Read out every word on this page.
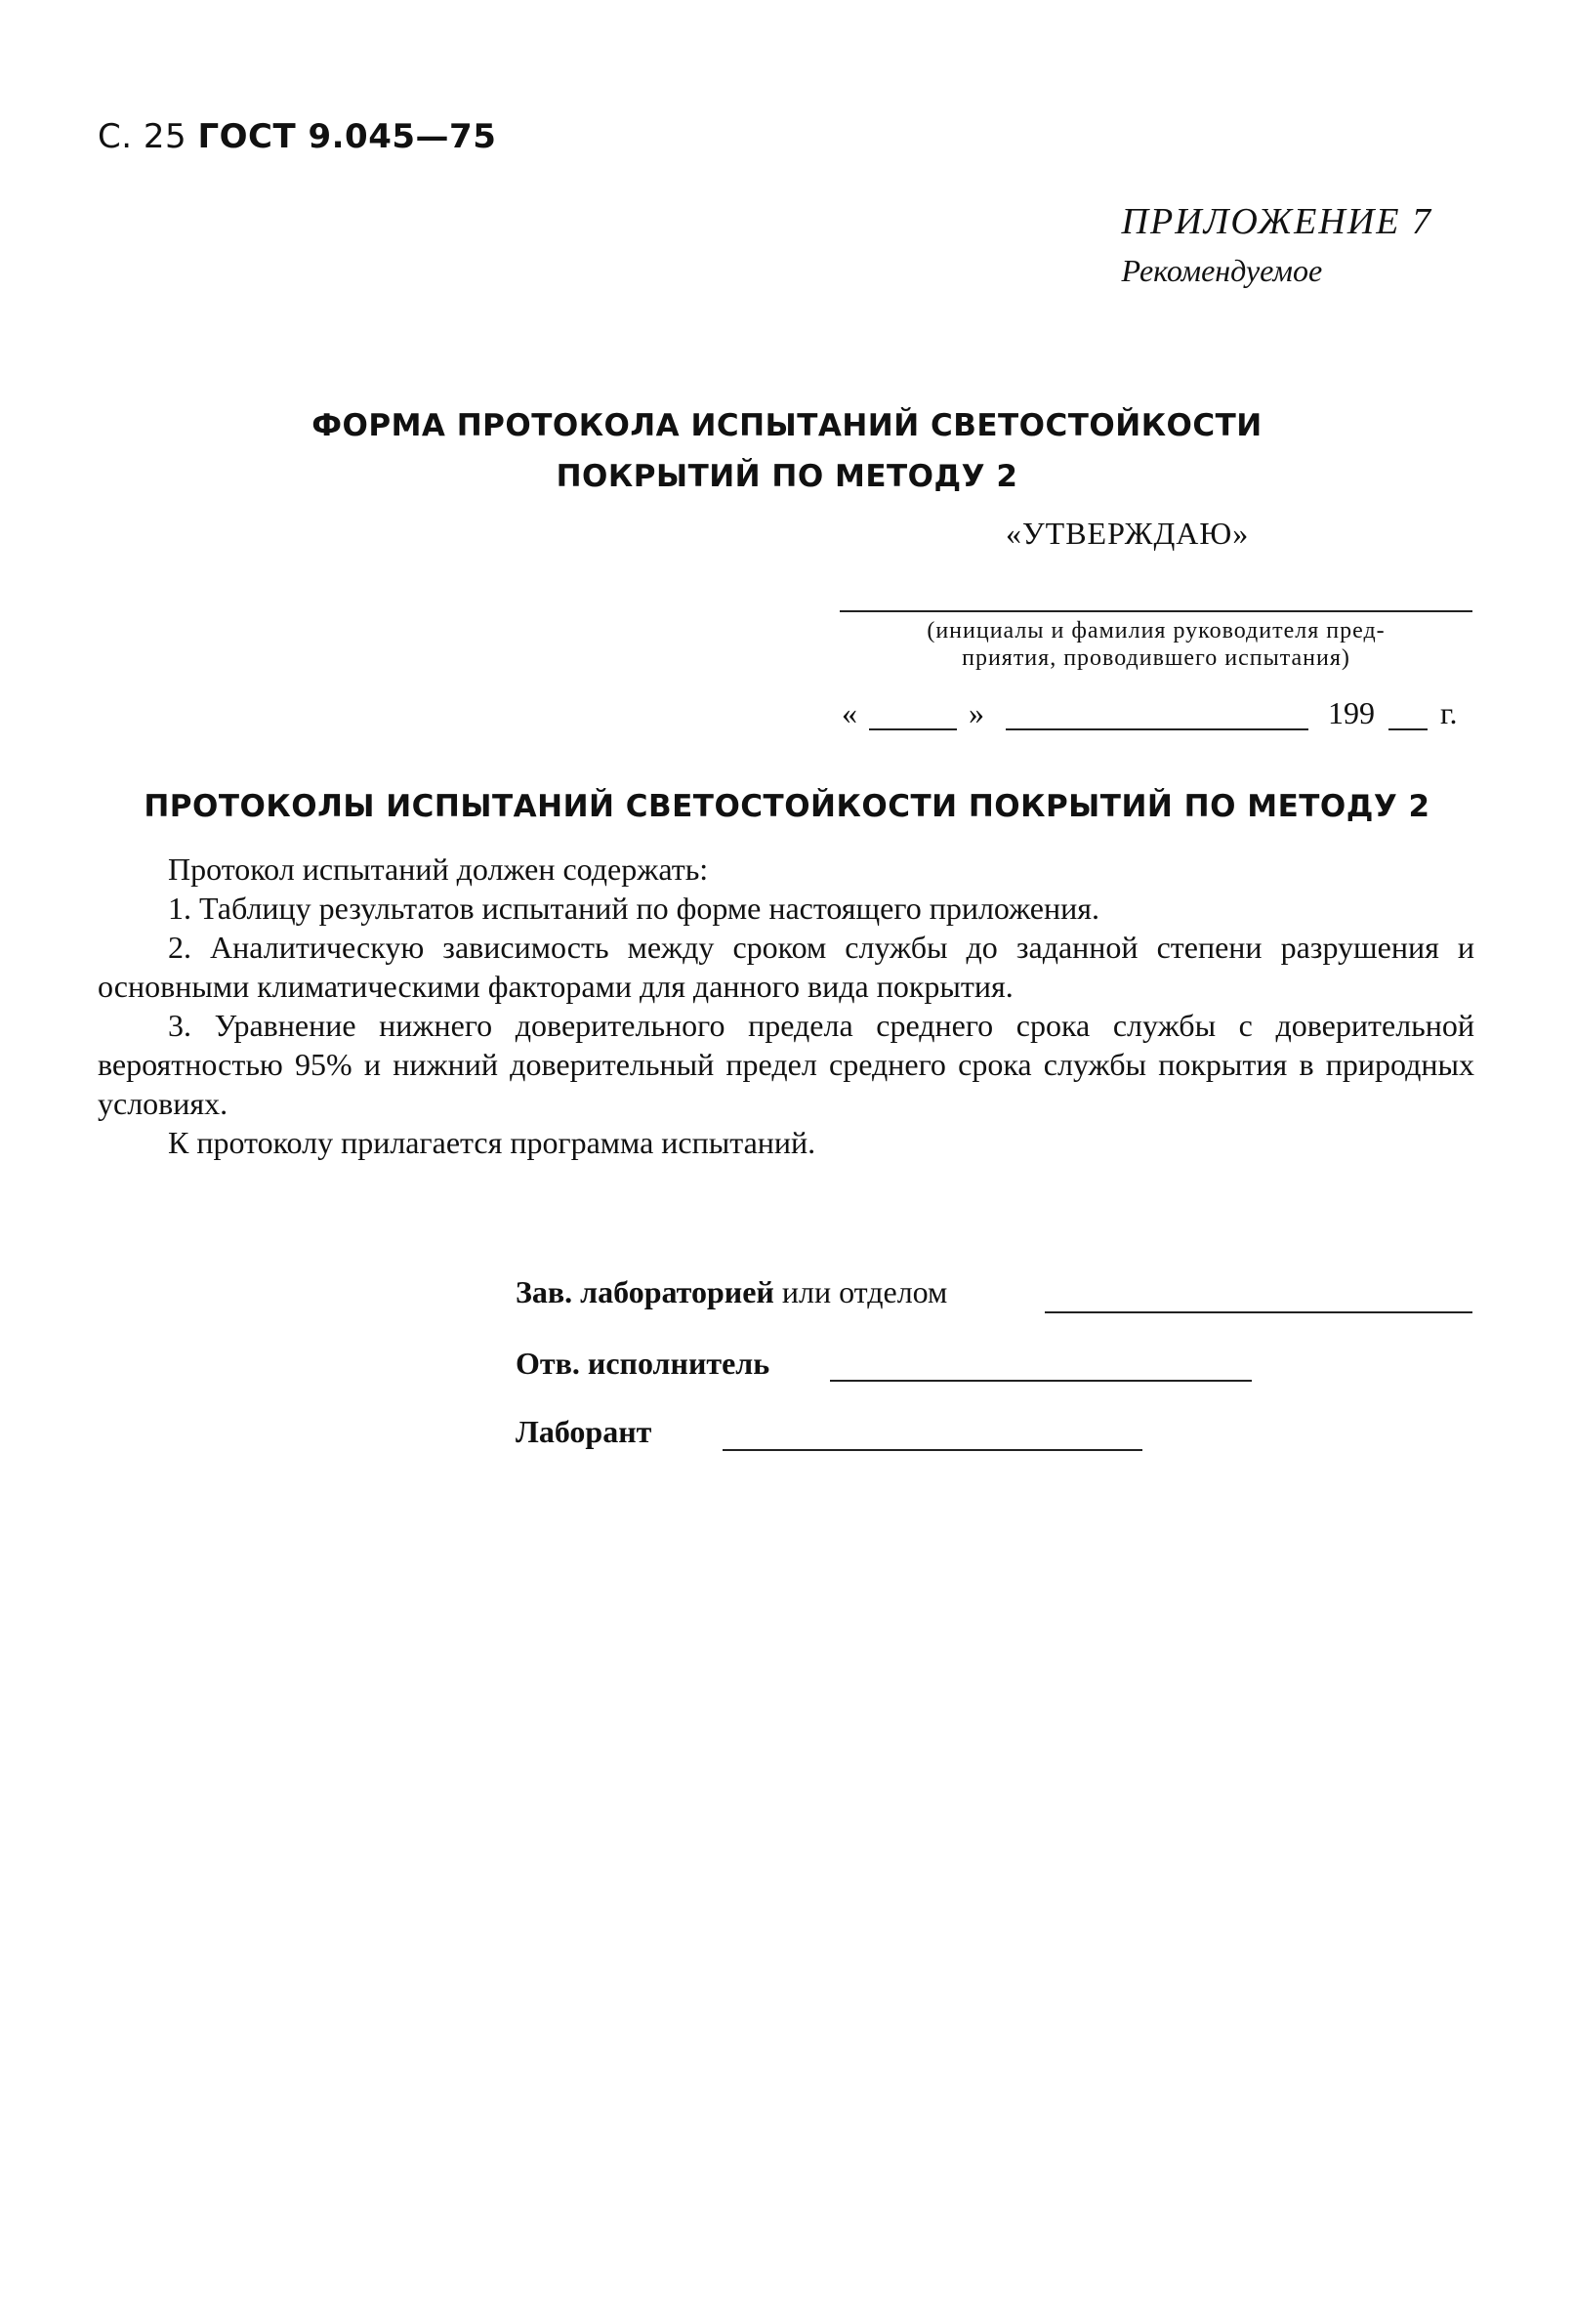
С. 25 ГОСТ 9.045—75
ПРИЛОЖЕНИЕ 7
Рекомендуемое
ФОРМА ПРОТОКОЛА ИСПЫТАНИЙ СВЕТОСТОЙКОСТИ
ПОКРЫТИЙ ПО МЕТОДУ 2
«УТВЕРЖДАЮ»
(инициалы и фамилия руководителя пред-
приятия, проводившего испытания)
«	»	199 г.
ПРОТОКОЛЫ ИСПЫТАНИЙ СВЕТОСТОЙКОСТИ ПОКРЫТИЙ ПО МЕТОДУ 2

Протокол испытаний должен содержать:

1. Таблицу результатов испытаний по форме настоящего приложения.

2. Аналитическую зависимость между сроком службы до заданной степени разрушения и основными климатическими факторами для данного вида покрытия.

3. Уравнение нижнего доверительного предела среднего срока службы с доверительной вероятностью 95% и нижний доверительный предел среднего срока службы покрытия в природных условиях.

К протоколу прилагается программа испытаний.

Зав. лабораторией или отделом
Отв. исполнитель
Лаборант
